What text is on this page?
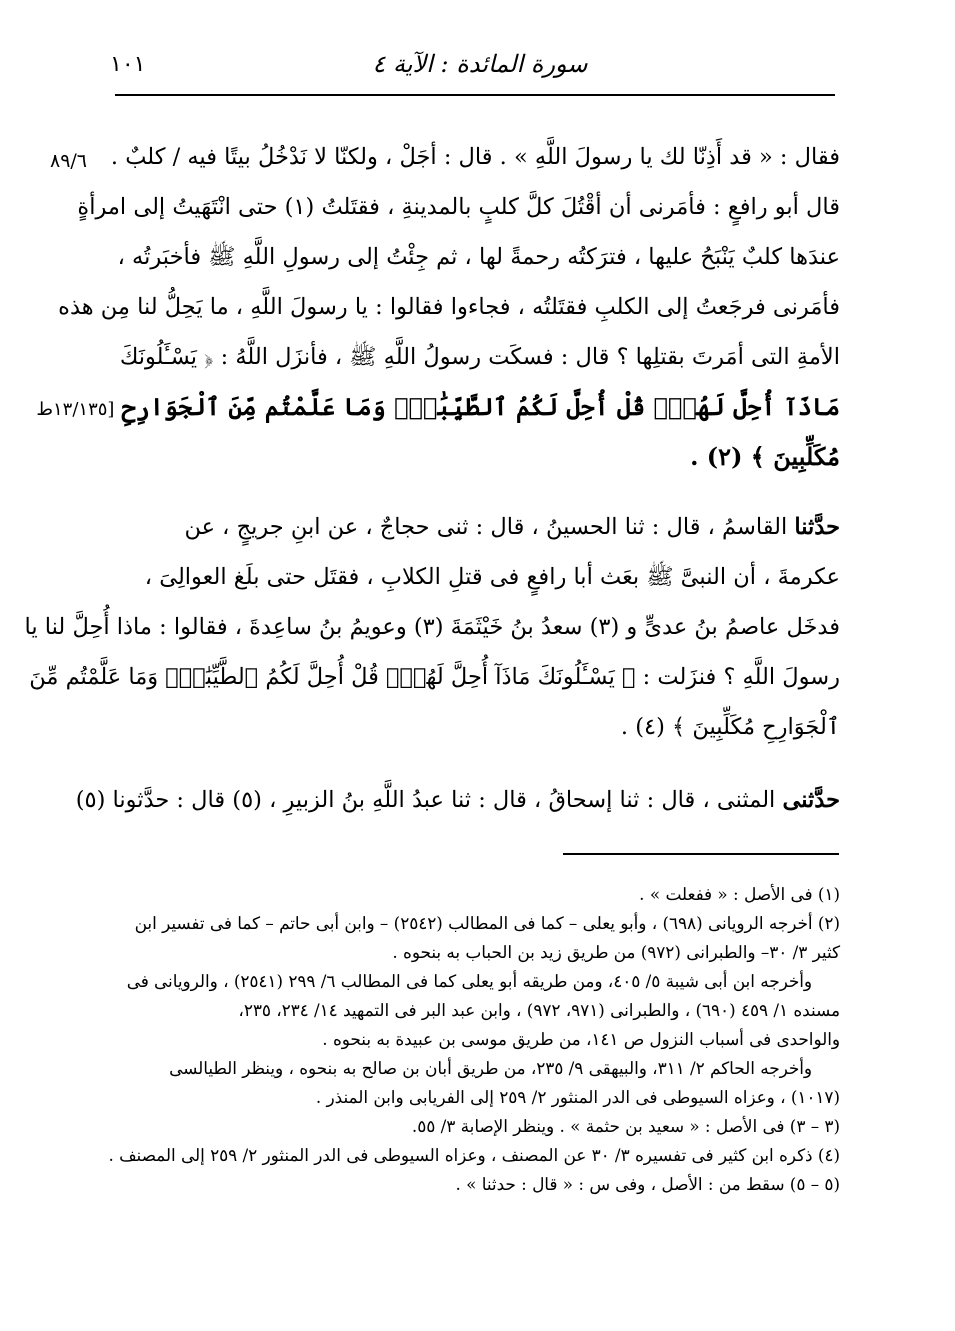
سورة المائدة : الآية ٤
١٠١
٨٩/٦	فقال : « قد أَذِنّا لك يا رسولَ اللَّهِ » . قال : أجَلْ ، ولكنّا لا نَدْخُلُ بيتًا فيه / كلبٌ .
قال أبو رافعٍ : فأمَرنى أن أقْتُلَ كلَّ كلبٍ بالمدينةِ ، فقتَلتُ (١) حتى انْتَهَيتُ إلى امرأةٍ
عندَها كلبٌ يَنْبَحُ عليها ، فترَكتُه رحمةً لها ، ثم جِئْتُ إلى رسولِ اللَّهِ ﷺ فأخبَرتُه ،
فأمَرنى فرجَعتُ إلى الكلبِ فقتَلتُه ، فجاءوا فقالوا : يا رسولَ اللَّهِ ، ما يَحِلُّ لنا مِن هذه
الأمةِ التى أمَرتَ بقتلِها ؟ قال : فسكَت رسولُ اللَّهِ ﷺ ، فأنزَل اللَّهُ : ﴿ يَسْـَٔلُونَكَ
مَاذَآ أُحِلَّ لَهُمْۖ قُلْ أُحِلَّ لَكُمُ ٱلطَّيِّبَٰتُۙ وَمَا عَلَّمْتُم مِّنَ ٱلْجَوَارِحِ [١٣/١٣٥ط
مُكَلِّبِينَ ﴾ (٢) .
حدَّثنا القاسمُ ، قال : ثنا الحسينُ ، قال : ثنى حجاجٌ ، عن ابنِ جريجٍ ، عن
عكرمةَ ، أن النبىَّ ﷺ بعَث أبا رافعٍ فى قتلِ الكلابِ ، فقتَل حتى بلَغ العوالِىَ ،
فدخَل عاصمُ بنُ عدىٍّ و (٣) سعدُ بنُ خَيْثَمَةَ (٣) وعويمُ بنُ ساعِدةَ ، فقالوا : ماذا أُحِلَّ لنا يا
رسولَ اللَّهِ ؟ فنزَلت : ﴿ يَسْـَٔلُونَكَ مَاذَآ أُحِلَّ لَهُمْۖ قُلْ أُحِلَّ لَكُمُ ٱلطَّيِّبَٰتُۙ وَمَا عَلَّمْتُم مِّنَ
ٱلْجَوَارِحِ مُكَلِّبِينَ ﴾ (٤) .
حدَّثنى المثنى ، قال : ثنا إسحاقُ ، قال : ثنا عبدُ اللَّهِ بنُ الزبيرِ ، (٥) قال : حدَّثونا (٥)
(١) فى الأصل : « ففعلت » .
(٢) أخرجه الرويانى (٦٩٨) ، وأبو يعلى – كما فى المطالب (٢٥٤٢) – وابن أبى حاتم – كما فى تفسير ابن
كثير ٣/ ٣٠– والطبرانى (٩٧٢) من طريق زيد بن الحباب به بنحوه .
وأخرجه ابن أبى شيبة ٥/ ٤٠٥، ومن طريقه أبو يعلى كما فى المطالب ٦/ ٢٩٩ (٢٥٤١) ، والرويانى فى
مسنده ١/ ٤٥٩ (٦٩٠) ، والطبرانى (٩٧١، ٩٧٢) ، وابن عبد البر فى التمهيد ١٤/ ٢٣٤، ٢٣٥،
والواحدى فى أسباب النزول ص ١٤١، من طريق موسى بن عبيدة به بنحوه .
وأخرجه الحاكم ٢/ ٣١١، والبيهقى ٩/ ٢٣٥، من طريق أبان بن صالح به بنحوه ، وينظر الطيالسى
(١٠١٧) ، وعزاه السيوطى فى الدر المنثور ٢/ ٢٥٩ إلى الفريابى وابن المنذر .
(٣ – ٣) فى الأصل : « سعيد بن حثمة » . وينظر الإصابة ٣/ ٥٥.
(٤) ذكره ابن كثير فى تفسيره ٣/ ٣٠ عن المصنف ، وعزاه السيوطى فى الدر المنثور ٢/ ٢٥٩ إلى المصنف .
(٥ – ٥) سقط من : الأصل ، وفى س : « قال : حدثنا » .
